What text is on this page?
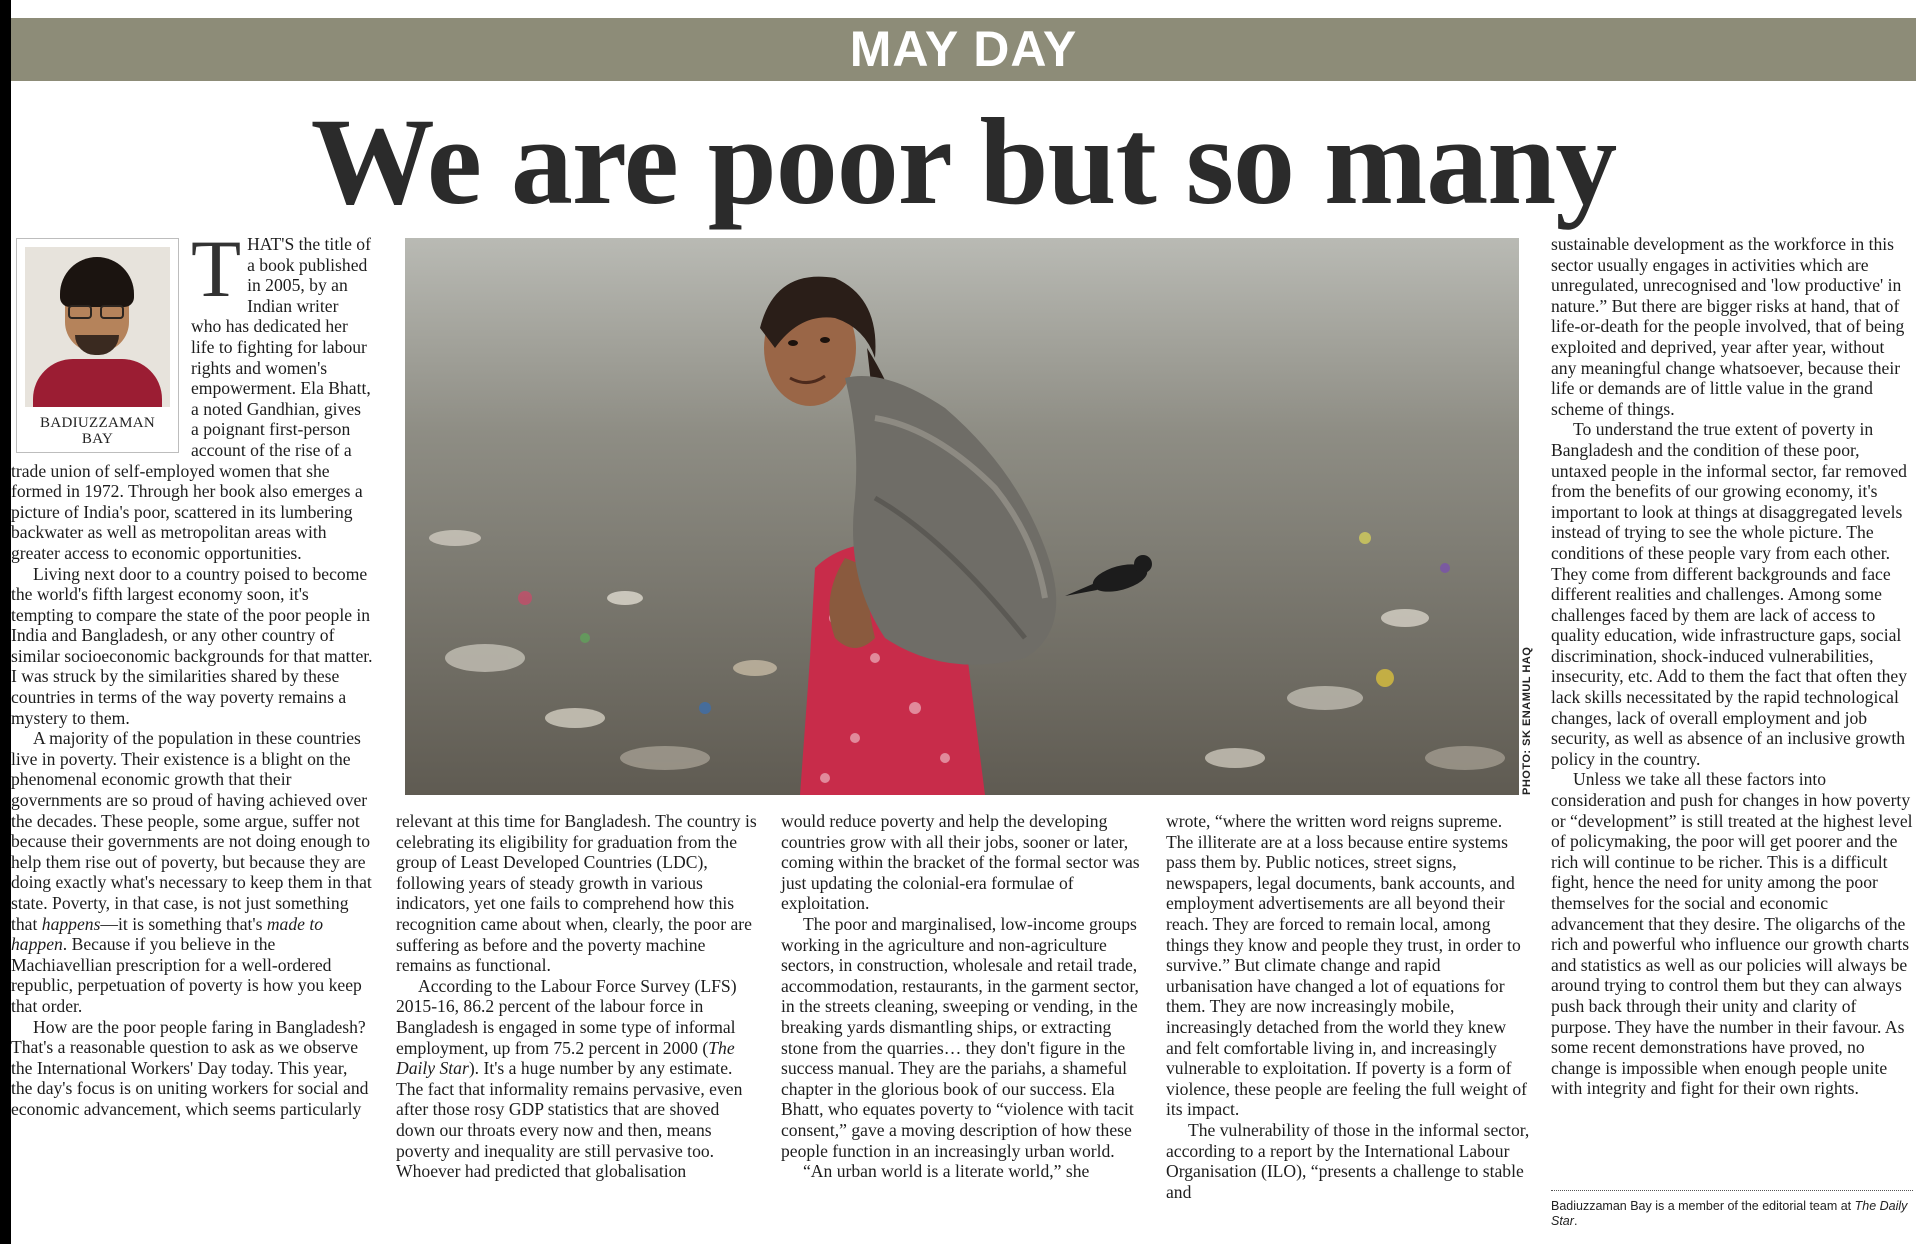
MAY DAY
We are poor but so many
BADIUZZAMAN BAY

THAT'S the title of a book published in 2005, by an Indian writer who has dedicated her life to fighting for labour rights and women's empowerment. Ela Bhatt, a noted Gandhian, gives a poignant first-person account of the rise of a trade union of self-employed women that she formed in 1972. Through her book also emerges a picture of India's poor, scattered in its lumbering backwater as well as metropolitan areas with greater access to economic opportunities.

Living next door to a country poised to become the world's fifth largest economy soon, it's tempting to compare the state of the poor people in India and Bangladesh, or any other country of similar socioeconomic backgrounds for that matter. I was struck by the similarities shared by these countries in terms of the way poverty remains a mystery to them.

A majority of the population in these countries live in poverty. Their existence is a blight on the phenomenal economic growth that their governments are so proud of having achieved over the decades. These people, some argue, suffer not because their governments are not doing enough to help them rise out of poverty, but because they are doing exactly what's necessary to keep them in that state. Poverty, in that case, is not just something that happens—it is something that's made to happen. Because if you believe in the Machiavellian prescription for a well-ordered republic, perpetuation of poverty is how you keep that order.

How are the poor people faring in Bangladesh? That's a reasonable question to ask as we observe the International Workers' Day today. This year, the day's focus is on uniting workers for social and economic advancement, which seems particularly

PHOTO: SK ENAMUL HAQ

relevant at this time for Bangladesh. The country is celebrating its eligibility for graduation from the group of Least Developed Countries (LDC), following years of steady growth in various indicators, yet one fails to comprehend how this recognition came about when, clearly, the poor are suffering as before and the poverty machine remains as functional.

According to the Labour Force Survey (LFS) 2015-16, 86.2 percent of the labour force in Bangladesh is engaged in some type of informal employment, up from 75.2 percent in 2000 (The Daily Star). It's a huge number by any estimate. The fact that informality remains pervasive, even after those rosy GDP statistics that are shoved down our throats every now and then, means poverty and inequality are still pervasive too. Whoever had predicted that globalisation

would reduce poverty and help the developing countries grow with all their jobs, sooner or later, coming within the bracket of the formal sector was just updating the colonial-era formulae of exploitation.

The poor and marginalised, low-income groups working in the agriculture and non-agriculture sectors, in construction, wholesale and retail trade, accommodation, restaurants, in the garment sector, in the streets cleaning, sweeping or vending, in the breaking yards dismantling ships, or extracting stone from the quarries… they don't figure in the success manual. They are the pariahs, a shameful chapter in the glorious book of our success. Ela Bhatt, who equates poverty to “violence with tacit consent,” gave a moving description of how these people function in an increasingly urban world.

“An urban world is a literate world,” she

wrote, “where the written word reigns supreme. The illiterate are at a loss because entire systems pass them by. Public notices, street signs, newspapers, legal documents, bank accounts, and employment advertisements are all beyond their reach. They are forced to remain local, among things they know and people they trust, in order to survive.” But climate change and rapid urbanisation have changed a lot of equations for them. They are now increasingly mobile, increasingly detached from the world they knew and felt comfortable living in, and increasingly vulnerable to exploitation. If poverty is a form of violence, these people are feeling the full weight of its impact.

The vulnerability of those in the informal sector, according to a report by the International Labour Organisation (ILO), “presents a challenge to stable and

sustainable development as the workforce in this sector usually engages in activities which are unregulated, unrecognised and 'low productive' in nature.” But there are bigger risks at hand, that of life-or-death for the people involved, that of being exploited and deprived, year after year, without any meaningful change whatsoever, because their life or demands are of little value in the grand scheme of things.

To understand the true extent of poverty in Bangladesh and the condition of these poor, untaxed people in the informal sector, far removed from the benefits of our growing economy, it's important to look at things at disaggregated levels instead of trying to see the whole picture. The conditions of these people vary from each other. They come from different backgrounds and face different realities and challenges. Among some challenges faced by them are lack of access to quality education, wide infrastructure gaps, social discrimination, shock-induced vulnerabilities, insecurity, etc. Add to them the fact that often they lack skills necessitated by the rapid technological changes, lack of overall employment and job security, as well as absence of an inclusive growth policy in the country.

Unless we take all these factors into consideration and push for changes in how poverty or “development” is still treated at the highest level of policymaking, the poor will get poorer and the rich will continue to be richer. This is a difficult fight, hence the need for unity among the poor themselves for the social and economic advancement that they desire. The oligarchs of the rich and powerful who influence our growth charts and statistics as well as our policies will always be around trying to control them but they can always push back through their unity and clarity of purpose. They have the number in their favour. As some recent demonstrations have proved, no change is impossible when enough people unite with integrity and fight for their own rights.

Badiuzzaman Bay is a member of the editorial team at The Daily Star.
